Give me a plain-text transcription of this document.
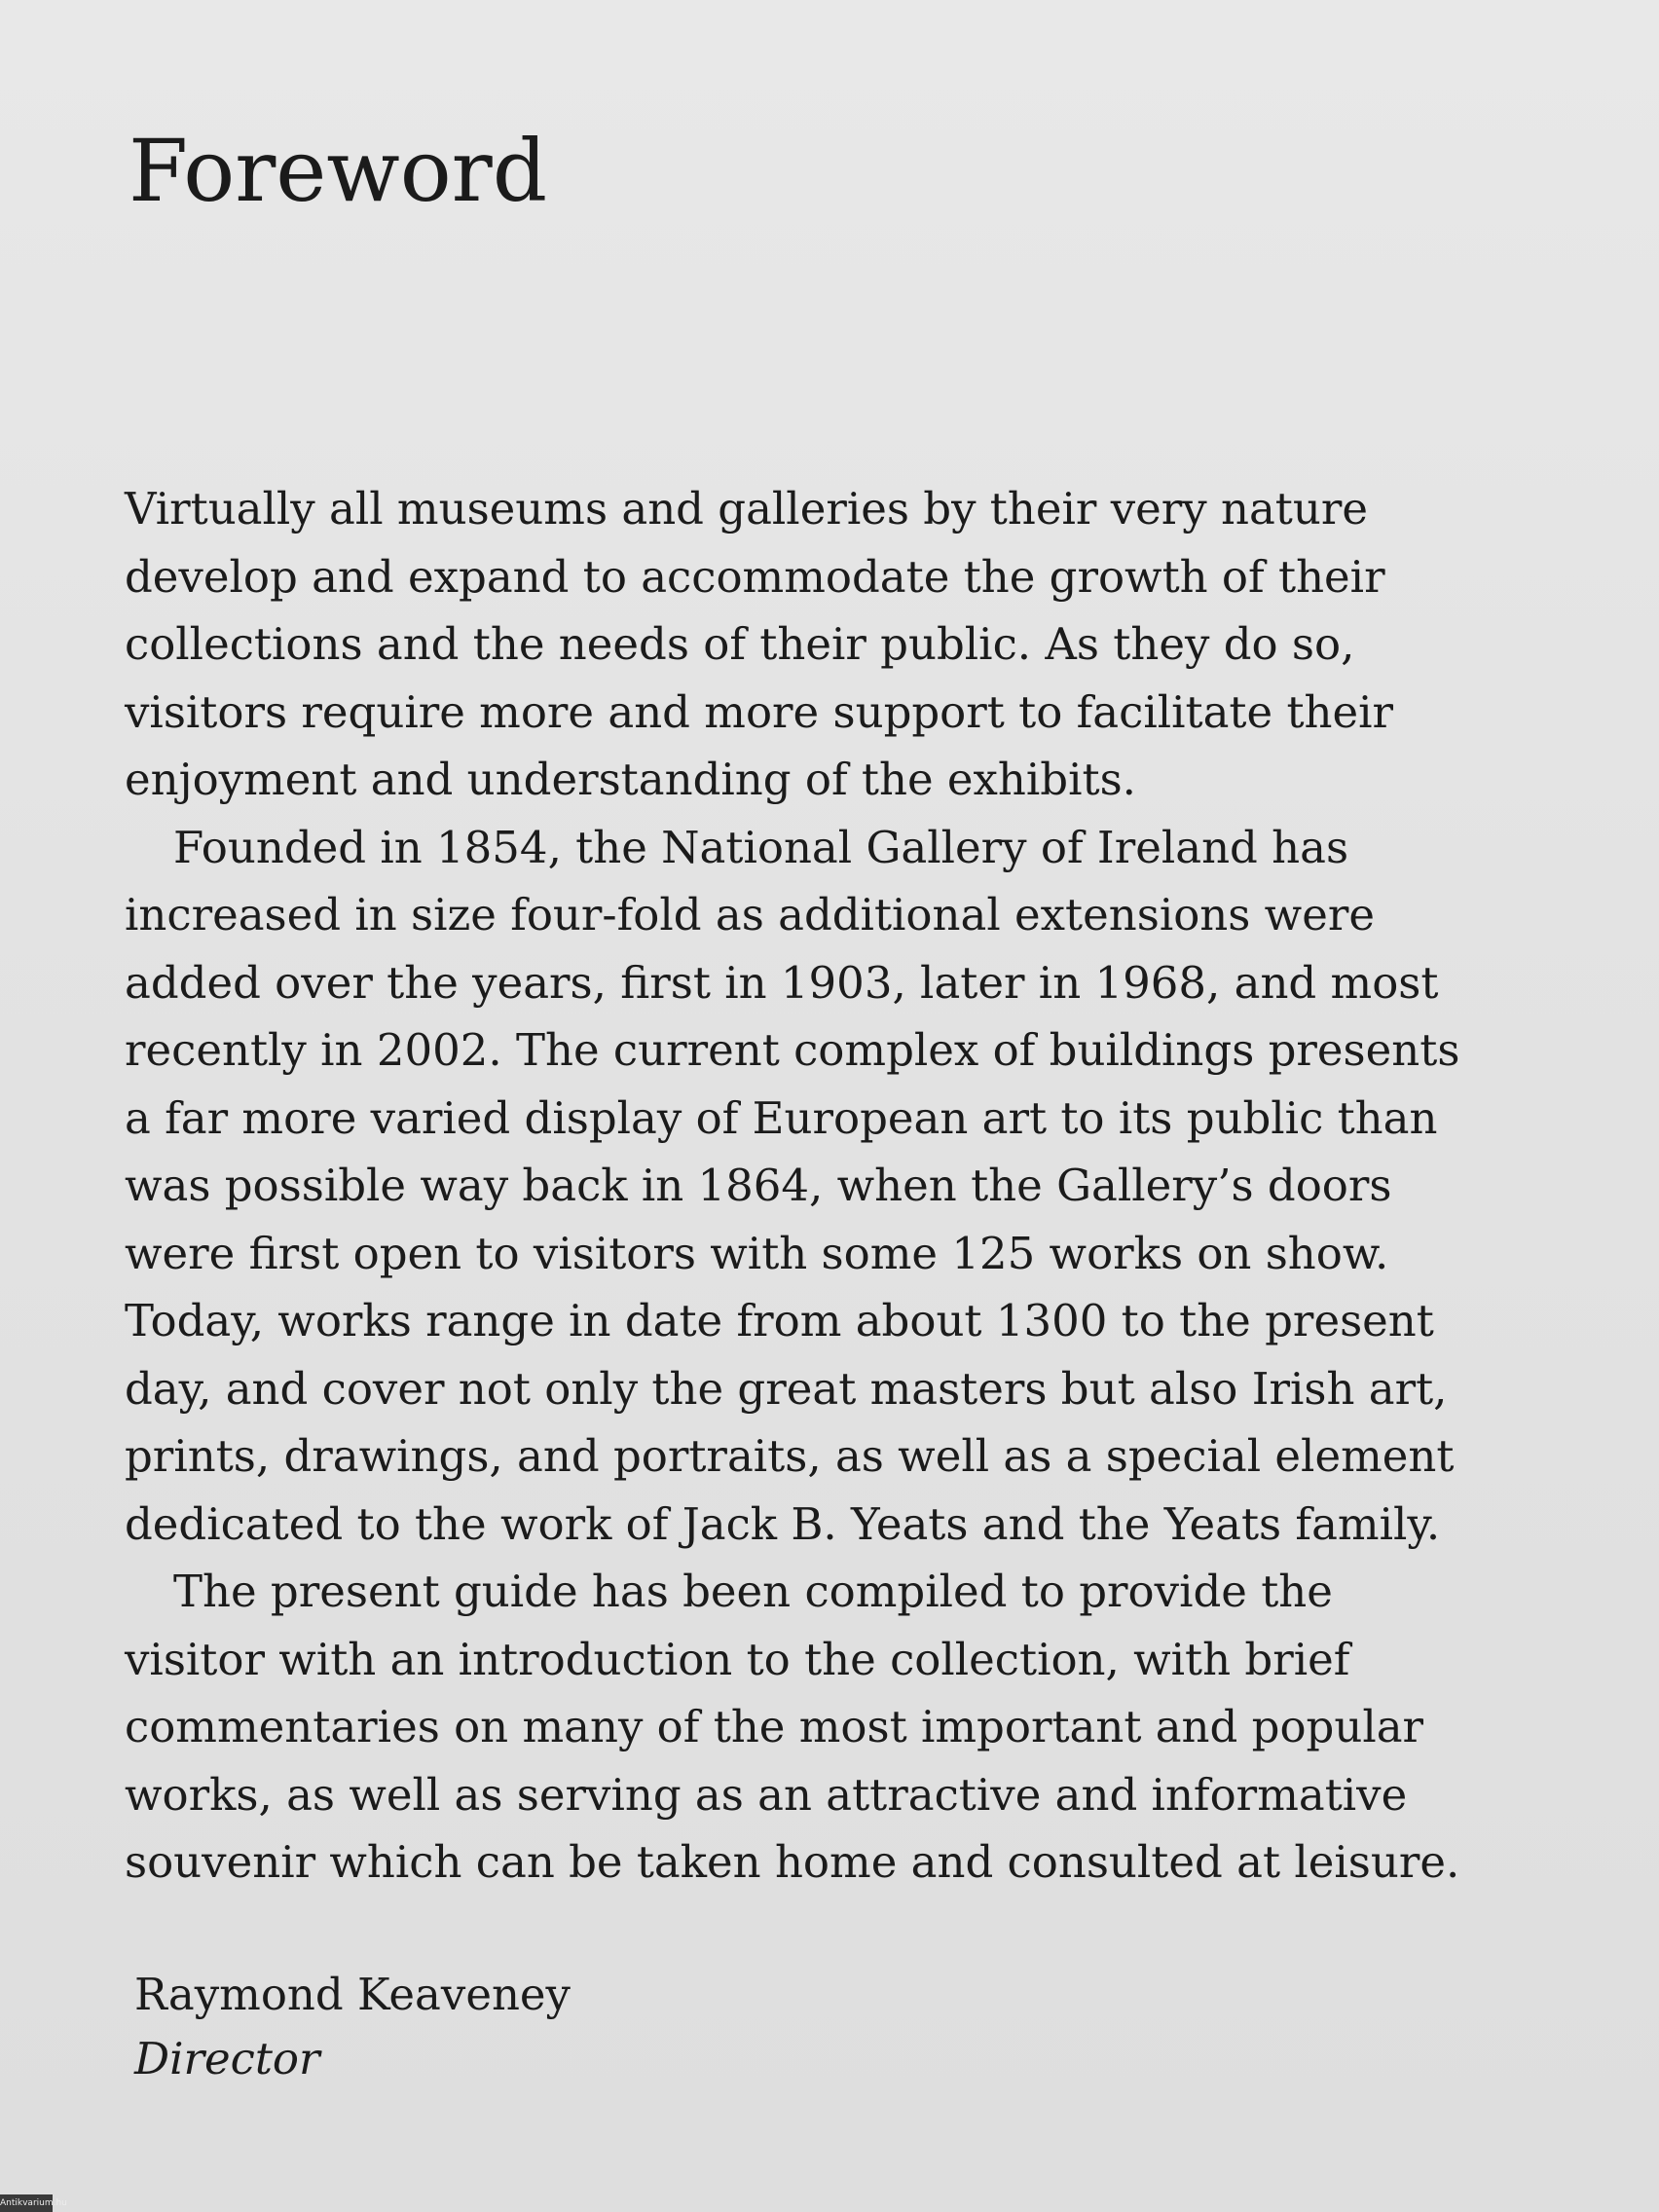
Foreword
Virtually all museums and galleries by their very nature
develop and expand to accommodate the growth of their
collections and the needs of their public. As they do so,
visitors require more and more support to facilitate their
enjoyment and understanding of the exhibits.
Founded in 1854, the National Gallery of Ireland has
increased in size four-fold as additional extensions were
added over the years, first in 1903, later in 1968, and most
recently in 2002. The current complex of buildings presents
a far more varied display of European art to its public than
was possible way back in 1864, when the Gallery’s doors
were first open to visitors with some 125 works on show.
Today, works range in date from about 1300 to the present
day, and cover not only the great masters but also Irish art,
prints, drawings, and portraits, as well as a special element
dedicated to the work of Jack B. Yeats and the Yeats family.
The present guide has been compiled to provide the
visitor with an introduction to the collection, with brief
commentaries on many of the most important and popular
works, as well as serving as an attractive and informative
souvenir which can be taken home and consulted at leisure.
Raymond Keaveney
Director
Antikvarium.hu
